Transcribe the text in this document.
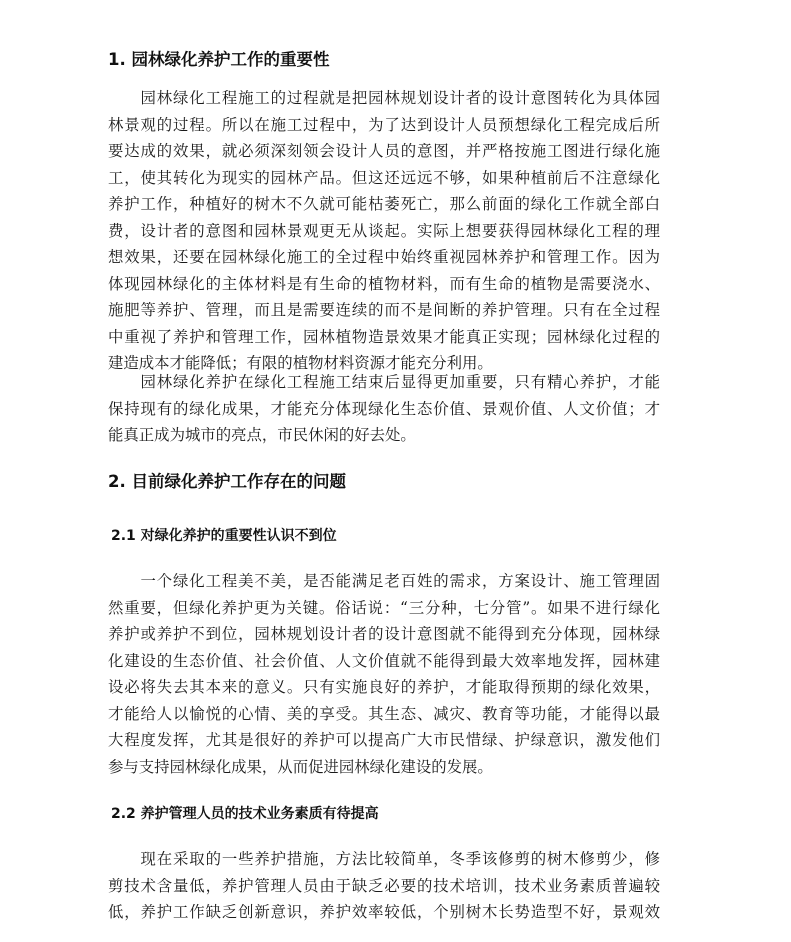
1. 园林绿化养护工作的重要性
　　园林绿化工程施工的过程就是把园林规划设计者的设计意图转化为具体园
林景观的过程。所以在施工过程中，为了达到设计人员预想绿化工程完成后所
要达成的效果，就必须深刻领会设计人员的意图，并严格按施工图进行绿化施
工，使其转化为现实的园林产品。但这还远远不够，如果种植前后不注意绿化
养护工作，种植好的树木不久就可能枯萎死亡，那么前面的绿化工作就全部白
费，设计者的意图和园林景观更无从谈起。实际上想要获得园林绿化工程的理
想效果，还要在园林绿化施工的全过程中始终重视园林养护和管理工作。因为
体现园林绿化的主体材料是有生命的植物材料，而有生命的植物是需要浇水、
施肥等养护、管理，而且是需要连续的而不是间断的养护管理。只有在全过程
中重视了养护和管理工作，园林植物造景效果才能真正实现；园林绿化过程的
建造成本才能降低；有限的植物材料资源才能充分利用。
　　园林绿化养护在绿化工程施工结束后显得更加重要，只有精心养护，才能
保持现有的绿化成果，才能充分体现绿化生态价值、景观价值、人文价值；才
能真正成为城市的亮点，市民休闲的好去处。
2. 目前绿化养护工作存在的问题
2.1 对绿化养护的重要性认识不到位
　　一个绿化工程美不美，是否能满足老百姓的需求，方案设计、施工管理固
然重要，但绿化养护更为关键。俗话说：“三分种，七分管”。如果不进行绿化
养护或养护不到位，园林规划设计者的设计意图就不能得到充分体现，园林绿
化建设的生态价值、社会价值、人文价值就不能得到最大效率地发挥，园林建
设必将失去其本来的意义。只有实施良好的养护，才能取得预期的绿化效果，
才能给人以愉悦的心情、美的享受。其生态、减灾、教育等功能，才能得以最
大程度发挥，尤其是很好的养护可以提高广大市民惜绿、护绿意识，激发他们
参与支持园林绿化成果，从而促进园林绿化建设的发展。
2.2 养护管理人员的技术业务素质有待提高
　　现在采取的一些养护措施，方法比较简单，冬季该修剪的树木修剪少，修
剪技术含量低，养护管理人员由于缺乏必要的技术培训，技术业务素质普遍较
低，养护工作缺乏创新意识，养护效率较低，个别树木长势造型不好，景观效
